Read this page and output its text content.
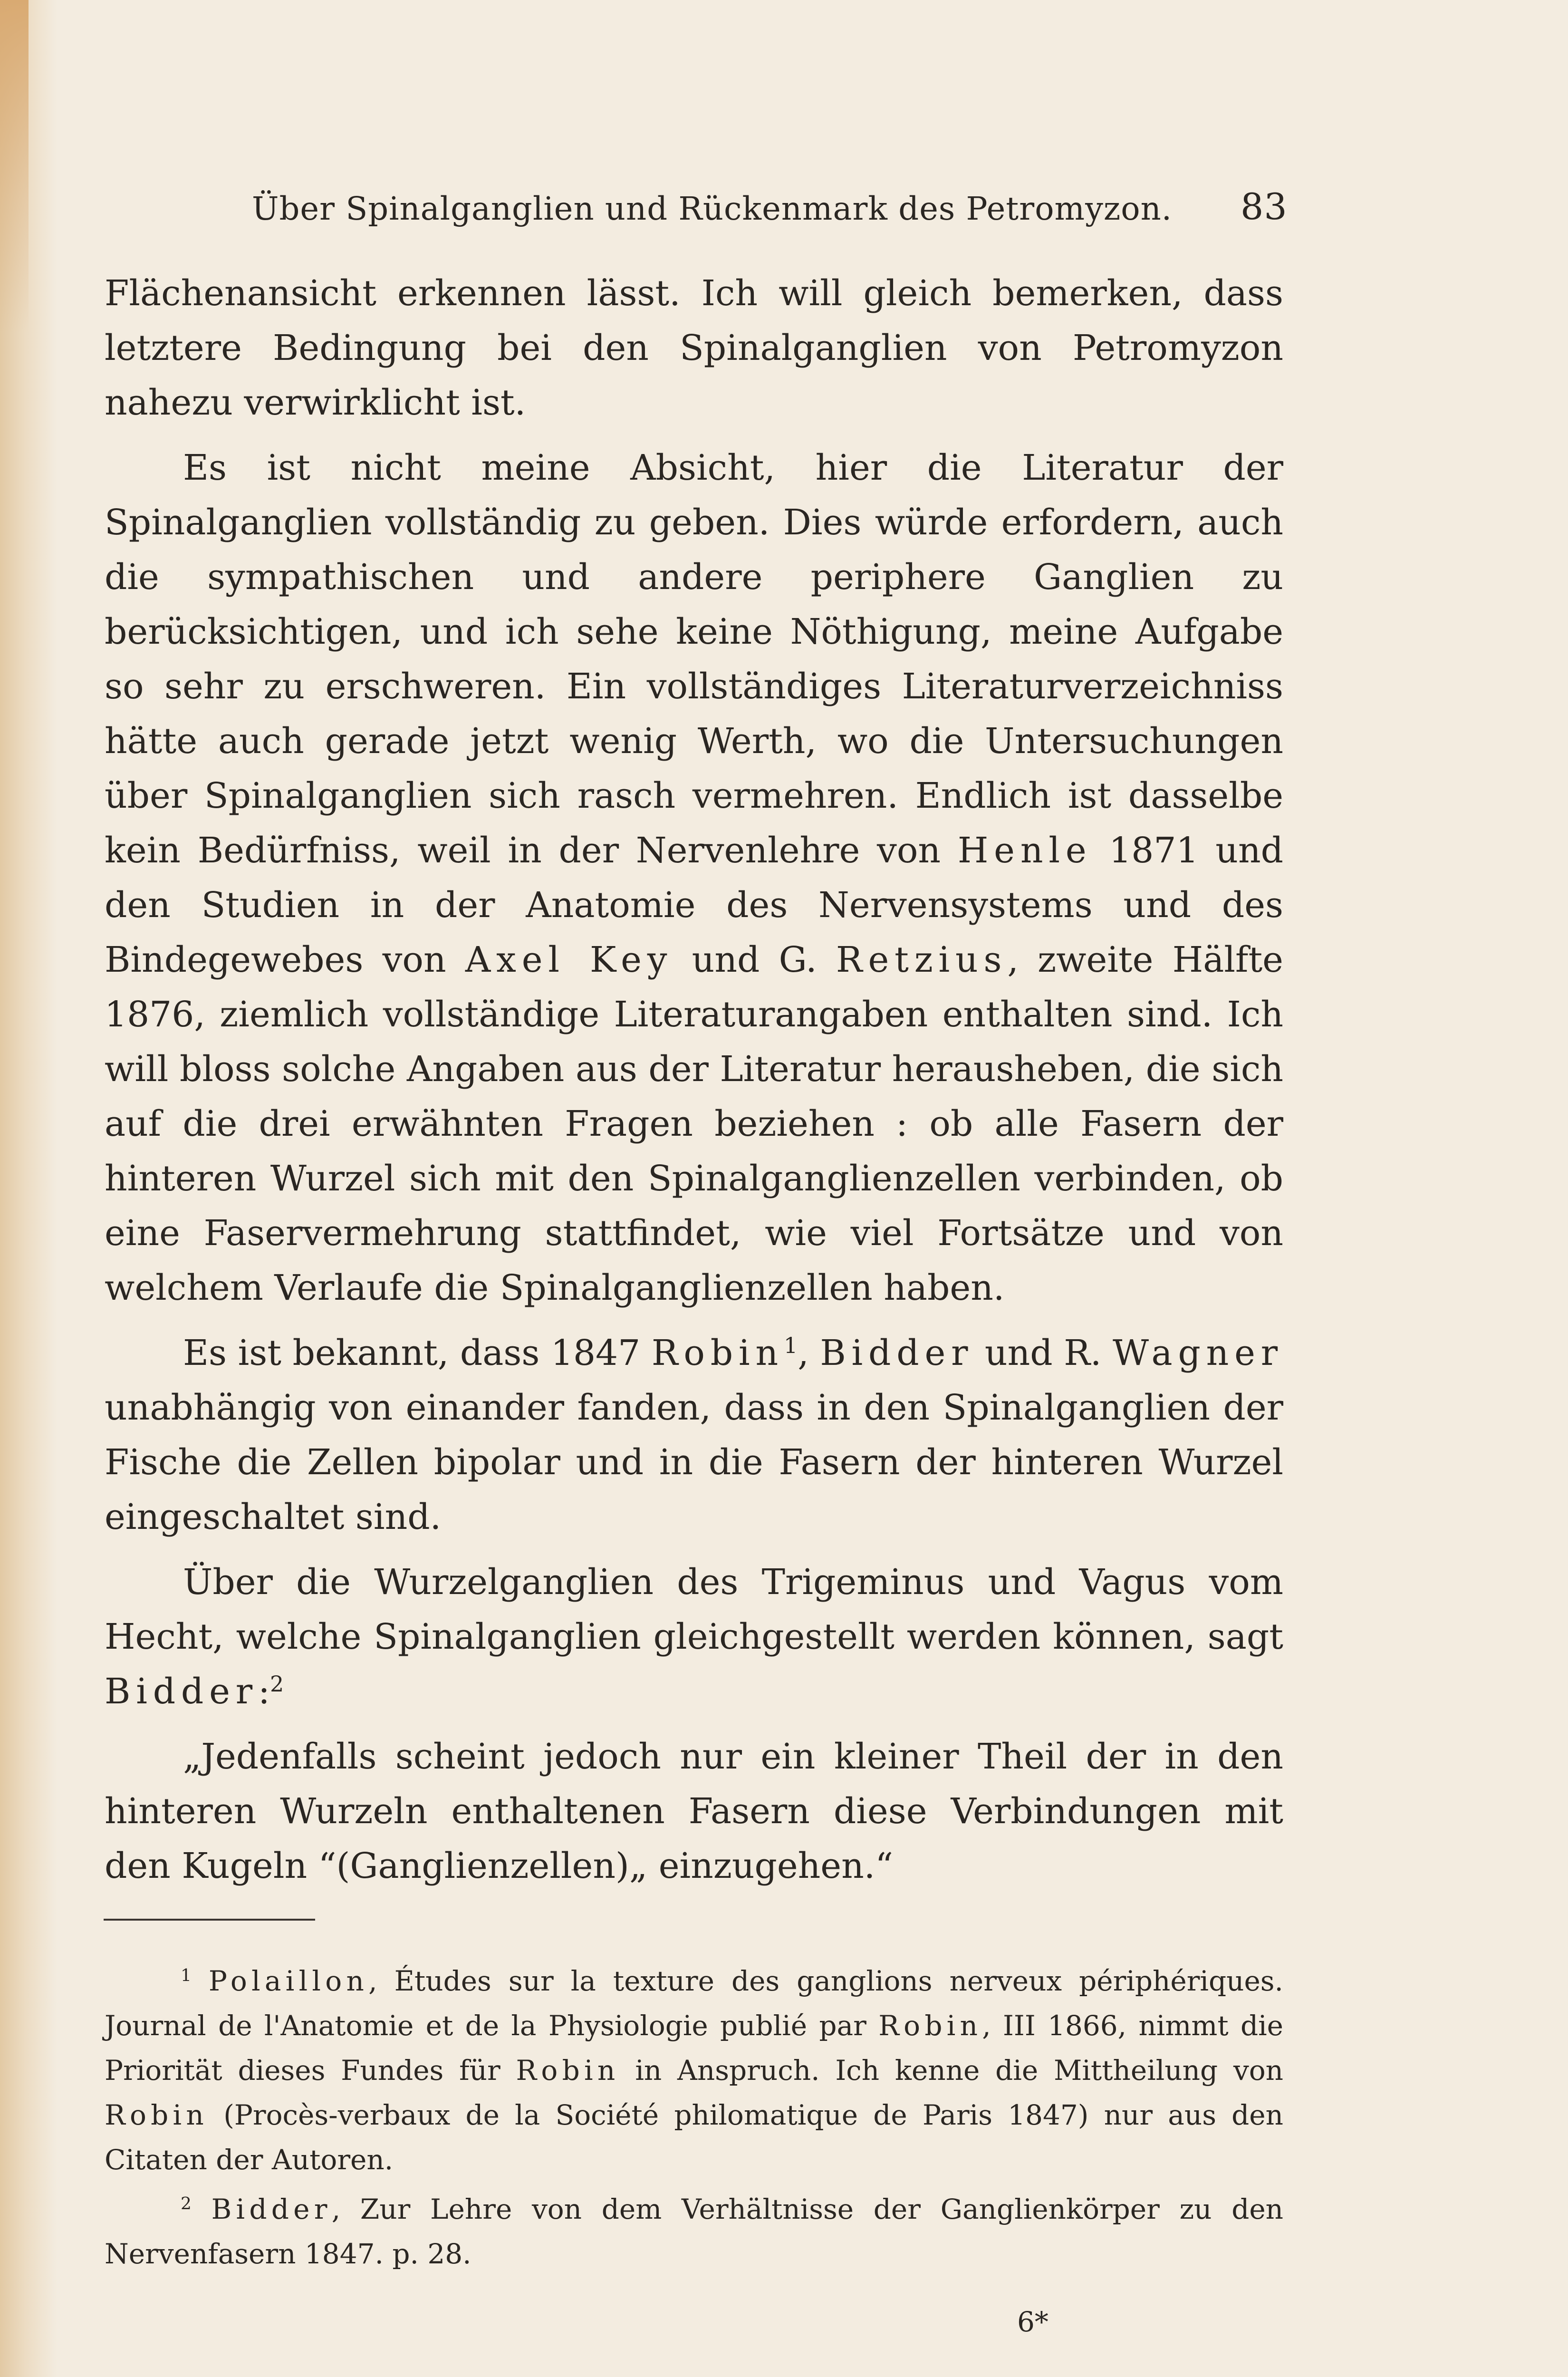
Über Spinalganglien und Rückenmark des Petromyzon. 83

Flächenansicht erkennen lässt. Ich will gleich bemerken, dass letztere Bedingung bei den Spinalganglien von Petromyzon nahezu verwirklicht ist.

Es ist nicht meine Absicht, hier die Literatur der Spinalganglien vollständig zu geben. Dies würde erfordern, auch die sympathischen und andere periphere Ganglien zu berücksichtigen, und ich sehe keine Nöthigung, meine Aufgabe so sehr zu erschweren. Ein vollständiges Literaturverzeichniss hätte auch gerade jetzt wenig Werth, wo die Untersuchungen über Spinalganglien sich rasch vermehren. Endlich ist dasselbe kein Bedürfniss, weil in der Nervenlehre von Henle 1871 und den Studien in der Anatomie des Nervensystems und des Bindegewebes von Axel Key und G. Retzius, zweite Hälfte 1876, ziemlich vollständige Literaturangaben enthalten sind. Ich will bloss solche Angaben aus der Literatur herausheben, die sich auf die drei erwähnten Fragen beziehen : ob alle Fasern der hinteren Wurzel sich mit den Spinalganglienzellen verbinden, ob eine Faservermehrung stattfindet, wie viel Fortsätze und von welchem Verlaufe die Spinalganglienzellen haben.

Es ist bekannt, dass 1847 Robin$^1$, Bidder und R. Wagner unabhängig von einander fanden, dass in den Spinalganglien der Fische die Zellen bipolar und in die Fasern der hinteren Wurzel eingeschaltet sind.

Über die Wurzelganglien des Trigeminus und Vagus vom Hecht, welche Spinalganglien gleichgestellt werden können, sagt Bidder:$^2$

„Jedenfalls scheint jedoch nur ein kleiner Theil der in den hinteren Wurzeln enthaltenen Fasern diese Verbindungen mit den Kugeln “(Ganglienzellen)„ einzugehen.“

$^1$ Polaillon, Études sur la texture des ganglions nerveux périphériques. Journal de l'Anatomie et de la Physiologie publié par Robin, III 1866, nimmt die Priorität dieses Fundes für Robin in Anspruch. Ich kenne die Mittheilung von Robin (Procès-verbaux de la Société philomatique de Paris 1847) nur aus den Citaten der Autoren.

$^2$ Bidder, Zur Lehre von dem Verhältnisse der Ganglienkörper zu den Nervenfasern 1847. p. 28.

6*
